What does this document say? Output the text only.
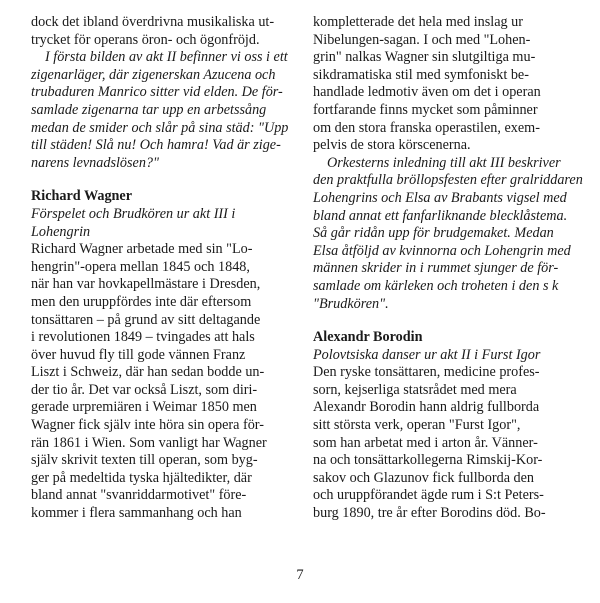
dock det ibland överdrivna musikaliska ut-
trycket för operans öron- och ögonfröjd.
I första bilden av akt II befinner vi oss i ett
zigenarläger, där zigenerskan Azucena och
trubaduren Manrico sitter vid elden. De för-
samlade zigenarna tar upp en arbetssång
medan de smider och slår på sina städ: "Upp
till städen! Slå nu! Och hamra! Vad är zige-
narens levnadslösen?"
Richard Wagner
Förspelet och Brudkören ur akt III i
Lohengrin
Richard Wagner arbetade med sin "Lo-
hengrin"-opera mellan 1845 och 1848,
när han var hovkapellmästare i Dresden,
men den uruppfördes inte där eftersom
tonsättaren – på grund av sitt deltagande
i revolutionen 1849 – tvingades att hals
över huvud fly till gode vännen Franz
Liszt i Schweiz, där han sedan bodde un-
der tio år. Det var också Liszt, som diri-
gerade urpremiären i Weimar 1850 men
Wagner fick själv inte höra sin opera för-
rän 1861 i Wien. Som vanligt har Wagner
själv skrivit texten till operan, som byg-
ger på medeltida tyska hjältedikter, där
bland annat "svanriddarmotivet" före-
kommer i flera sammanhang och han
kompletterade det hela med inslag ur
Nibelungen-sagan. I och med "Lohen-
grin" nalkas Wagner sin slutgiltiga mu-
sikdramatiska stil med symfoniskt be-
handlade ledmotiv även om det i operan
fortfarande finns mycket som påminner
om den stora franska operastilen, exem-
pelvis de stora körscenerna.
Orkesterns inledning till akt III beskriver
den praktfulla bröllopsfesten efter gralriddaren
Lohengrins och Elsa av Brabants vigsel med
bland annat ett fanfarliknande blecklåstema.
Så går ridån upp för brudgemaket. Medan
Elsa åtföljd av kvinnorna och Lohengrin med
männen skrider in i rummet sjunger de för-
samlade om kärleken och troheten i den s k
"Brudkören".
Alexandr Borodin
Polovtsiska danser ur akt II i Furst Igor
Den ryske tonsättaren, medicine profes-
sorn, kejserliga statsrådet med mera
Alexandr Borodin hann aldrig fullborda
sitt största verk, operan "Furst Igor",
som han arbetat med i arton år. Vänner-
na och tonsättarkollegerna Rimskij-Kor-
sakov och Glazunov fick fullborda den
och uruppförandet ägde rum i S:t Peters-
burg 1890, tre år efter Borodins död. Bo-
7
